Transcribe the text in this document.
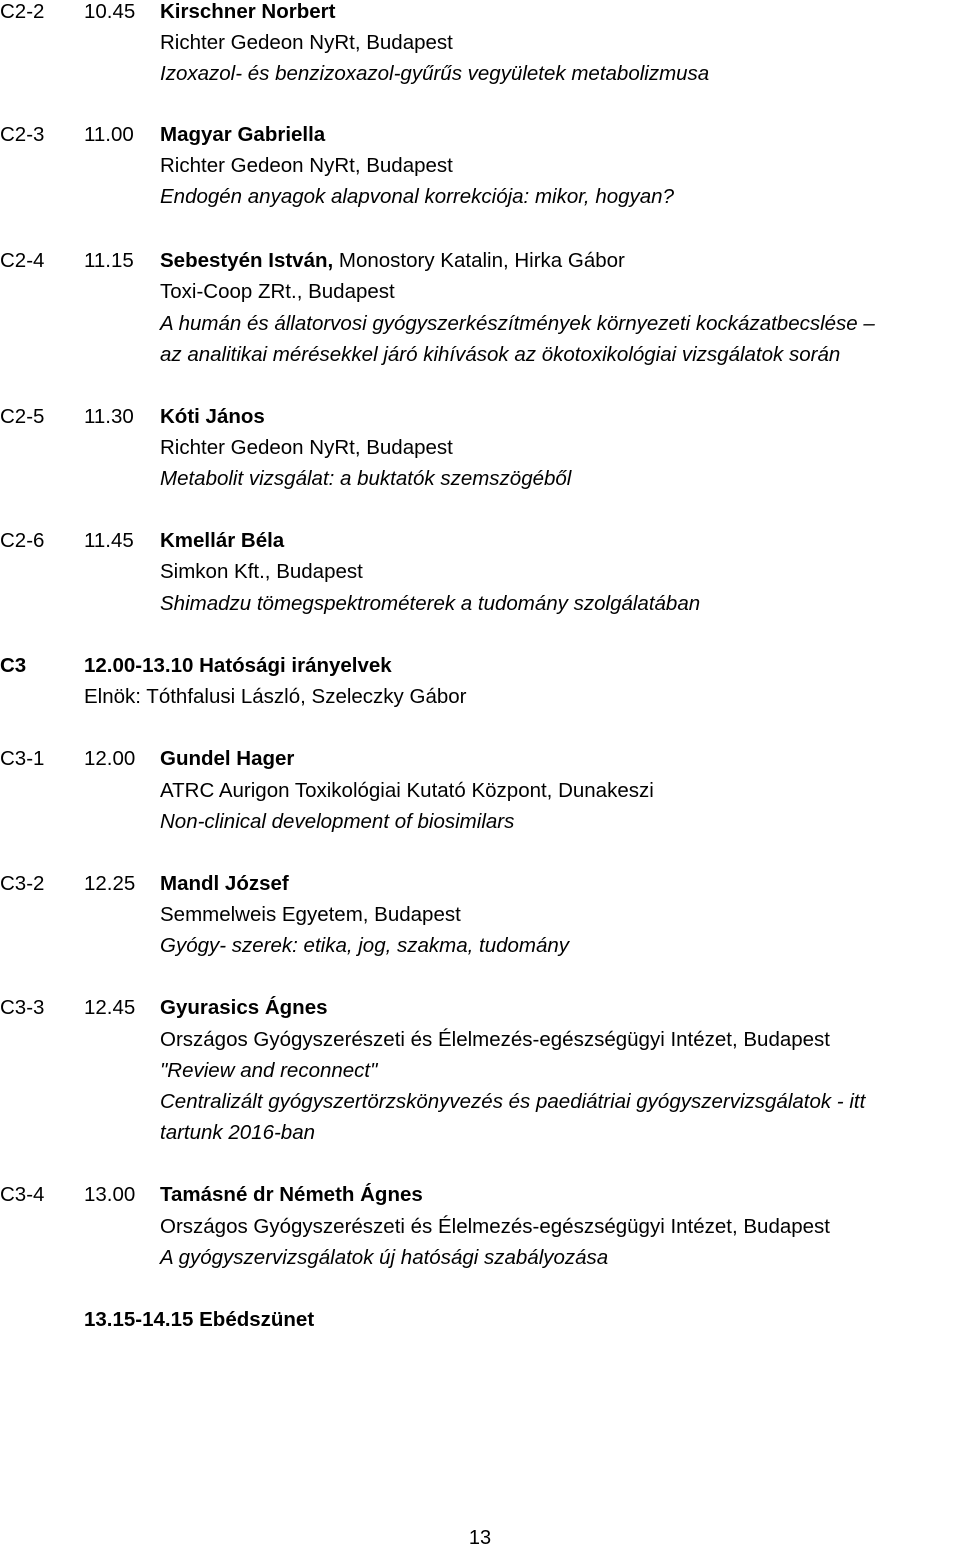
C2-2 10.45 Kirschner Norbert
Richter Gedeon NyRt, Budapest
Izoxazol- és benzizoxazol-gyűrűs vegyületek metabolizmusa
C2-3 11.00 Magyar Gabriella
Richter Gedeon NyRt, Budapest
Endogén anyagok alapvonal korrekciója: mikor, hogyan?
C2-4 11.15 Sebestyén István, Monostory Katalin, Hirka Gábor
Toxi-Coop ZRt., Budapest
A humán és állatorvosi gyógyszerkészítmények környezeti kockázatbecslése –
az analitikai mérésekkel járó kihívások az ökotoxikológiai vizsgálatok során
C2-5 11.30 Kóti János
Richter Gedeon NyRt, Budapest
Metabolit vizsgálat: a buktatók szemszögéből
C2-6 11.45 Kmellár Béla
Simkon Kft., Budapest
Shimadzu tömegspektrométerek a tudomány szolgálatában
C3	12.00-13.10 Hatósági irányelvek
Elnök: Tóthfalusi László, Szeleczky Gábor
C3-1 12.00 Gundel Hager
ATRC Aurigon Toxikológiai Kutató Központ, Dunakeszi
Non-clinical development of biosimilars
C3-2 12.25 Mandl József
Semmelweis Egyetem, Budapest
Gyógy- szerek: etika, jog, szakma, tudomány
C3-3 12.45 Gyurasics Ágnes
Országos Gyógyszerészeti és Élelmezés-egészségügyi Intézet, Budapest
"Review and reconnect"
Centralizált gyógyszertörzskönyvezés és paediátriai gyógyszervizsgálatok - itt
tartunk 2016-ban
C3-4 13.00 Tamásné dr Németh Ágnes
Országos Gyógyszerészeti és Élelmezés-egészségügyi Intézet, Budapest
A gyógyszervizsgálatok új hatósági szabályozása
13.15-14.15 Ebédszünet
13
